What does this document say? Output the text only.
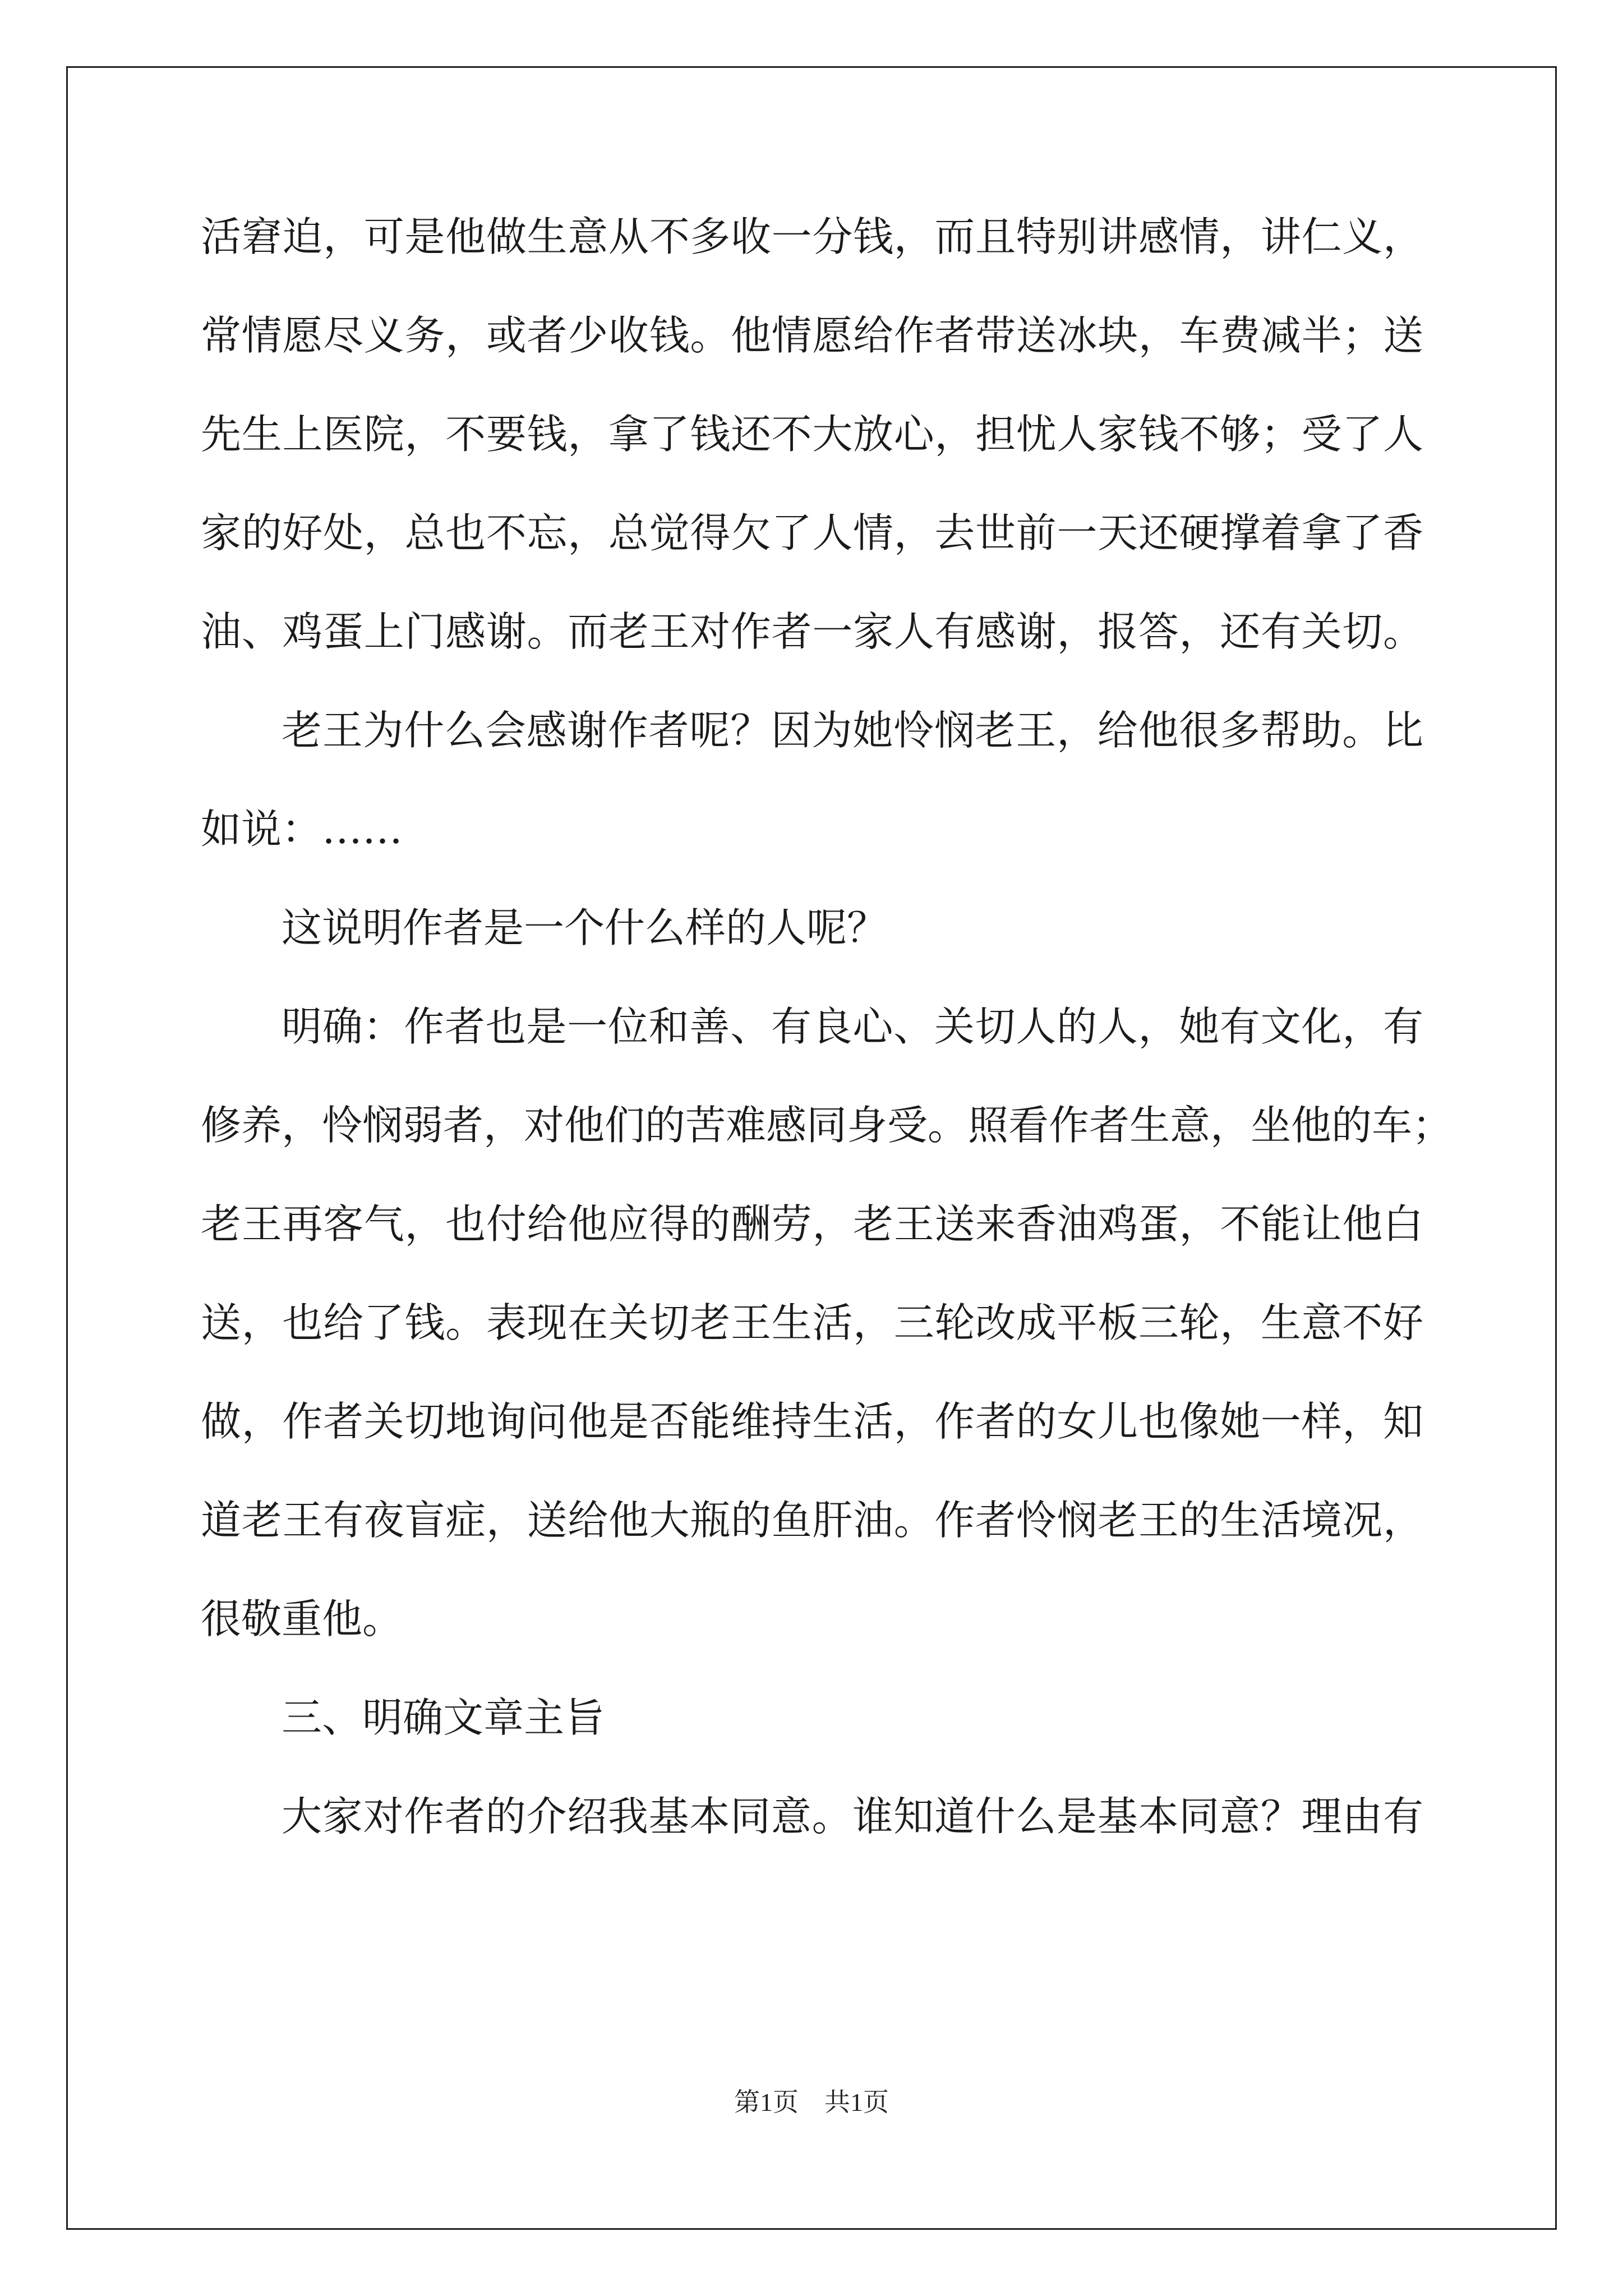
活窘迫，可是他做生意从不多收一分钱，而且特别讲感情，讲仁义，
常情愿尽义务，或者少收钱。他情愿给作者带送冰块，车费减半；送
先生上医院，不要钱，拿了钱还不大放心，担忧人家钱不够；受了人
家的好处，总也不忘，总觉得欠了人情，去世前一天还硬撑着拿了香
油、鸡蛋上门感谢。而老王对作者一家人有感谢，报答，还有关切。
老王为什么会感谢作者呢？因为她怜悯老王，给他很多帮助。比
如说：……
这说明作者是一个什么样的人呢？
明确：作者也是一位和善、有良心、关切人的人，她有文化，有
修养，怜悯弱者，对他们的苦难感同身受。照看作者生意，坐他的车；
老王再客气，也付给他应得的酬劳，老王送来香油鸡蛋，不能让他白
送，也给了钱。表现在关切老王生活，三轮改成平板三轮，生意不好
做，作者关切地询问他是否能维持生活，作者的女儿也像她一样，知
道老王有夜盲症，送给他大瓶的鱼肝油。作者怜悯老王的生活境况，
很敬重他。
三、明确文章主旨
大家对作者的介绍我基本同意。谁知道什么是基本同意？理由有
第1页　共1页
